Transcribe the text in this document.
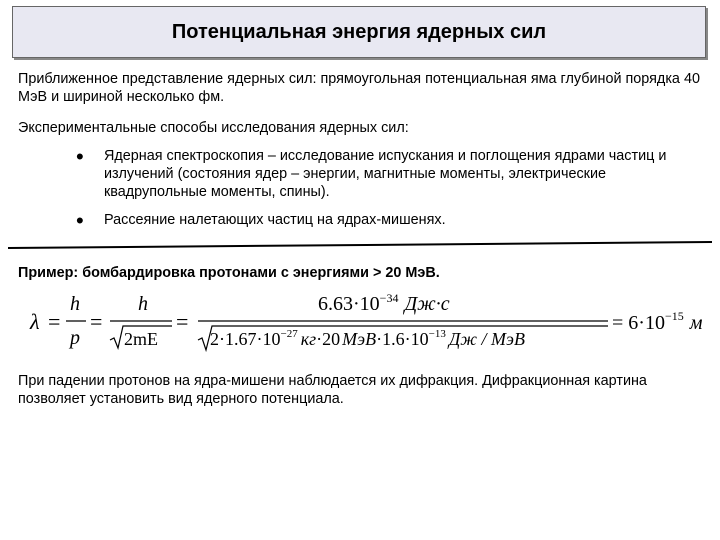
Потенциальная энергия ядерных сил
Приближенное представление ядерных сил: прямоугольная потенциальная яма глубиной порядка 40 МэВ и шириной несколько фм.
Экспериментальные способы исследования ядерных сил:
• Ядерная спектроскопия – исследование испускания и поглощения ядрами частиц и излучений (состояния ядер – энергии, магнитные моменты, электрические квадрупольные моменты, спины).
• Рассеяние налетающих частиц на ядрах-мишенях.
Пример: бомбардировка протонами с энергиями > 20 МэВ.
λ =
h
p
=
h
2mE
=
$6.63\cdot 10^{-34}$ Дж·с
$2\cdot 1.67\cdot 10^{-27}$ кг·20 $МэВ\cdot 1.6\cdot 10^{-13}$ Дж / МэВ
= $6\cdot 10^{-15}$ м
При падении протонов на ядра-мишени наблюдается их дифракция. Дифракционная картина позволяет установить вид ядерного потенциала.
